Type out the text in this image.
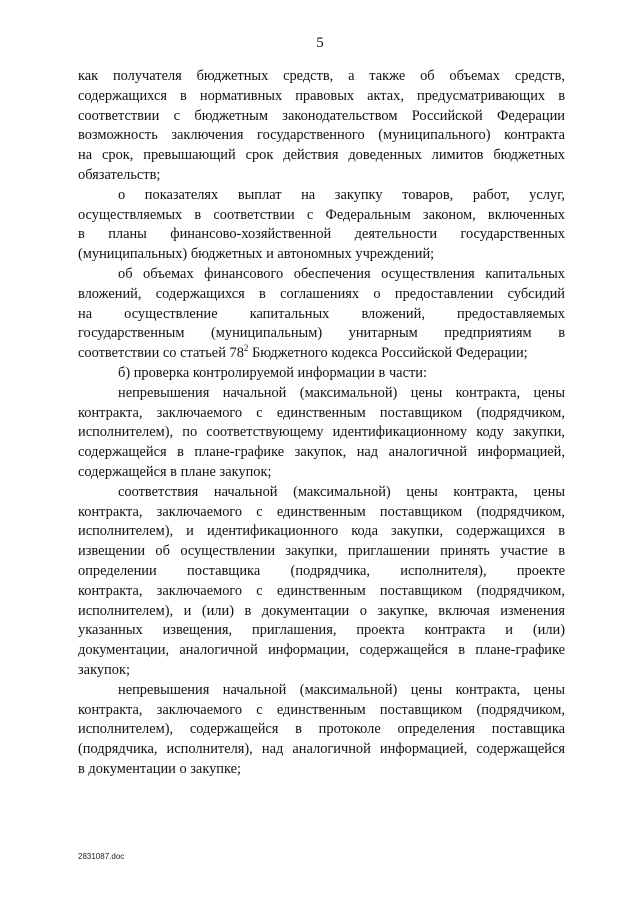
5

как получателя бюджетных средств, а также об объемах средств,
содержащихся в нормативных правовых актах, предусматривающих в
соответствии с бюджетным законодательством Российской Федерации
возможность заключения государственного (муниципального) контракта
на срок, превышающий срок действия доведенных лимитов бюджетных
обязательств;

о показателях выплат на закупку товаров, работ, услуг,
осуществляемых в соответствии с Федеральным законом, включенных
в планы финансово-хозяйственной деятельности государственных
(муниципальных) бюджетных и автономных учреждений;

об объемах финансового обеспечения осуществления капитальных
вложений, содержащихся в соглашениях о предоставлении субсидий
на осуществление капитальных вложений, предоставляемых
государственным (муниципальным) унитарным предприятиям в
соответствии со статьей $78^2$ Бюджетного кодекса Российской Федерации;
б) проверка контролируемой информации в части:

непревышения начальной (максимальной) цены контракта, цены
контракта, заключаемого с единственным поставщиком (подрядчиком,
исполнителем), по соответствующему идентификационному коду закупки,
содержащейся в плане-графике закупок, над аналогичной информацией,
содержащейся в плане закупок;

соответствия начальной (максимальной) цены контракта, цены
контракта, заключаемого с единственным поставщиком (подрядчиком,
исполнителем), и идентификационного кода закупки, содержащихся в
извещении об осуществлении закупки, приглашении принять участие в
определении поставщика (подрядчика, исполнителя), проекте
контракта, заключаемого с единственным поставщиком (подрядчиком,
исполнителем), и (или) в документации о закупке, включая изменения
указанных извещения, приглашения, проекта контракта и (или)
документации, аналогичной информации, содержащейся в плане-графике
закупок;

непревышения начальной (максимальной) цены контракта, цены
контракта, заключаемого с единственным поставщиком (подрядчиком,
исполнителем), содержащейся в протоколе определения поставщика
(подрядчика, исполнителя), над аналогичной информацией, содержащейся
в документации о закупке;

2831087.doc
